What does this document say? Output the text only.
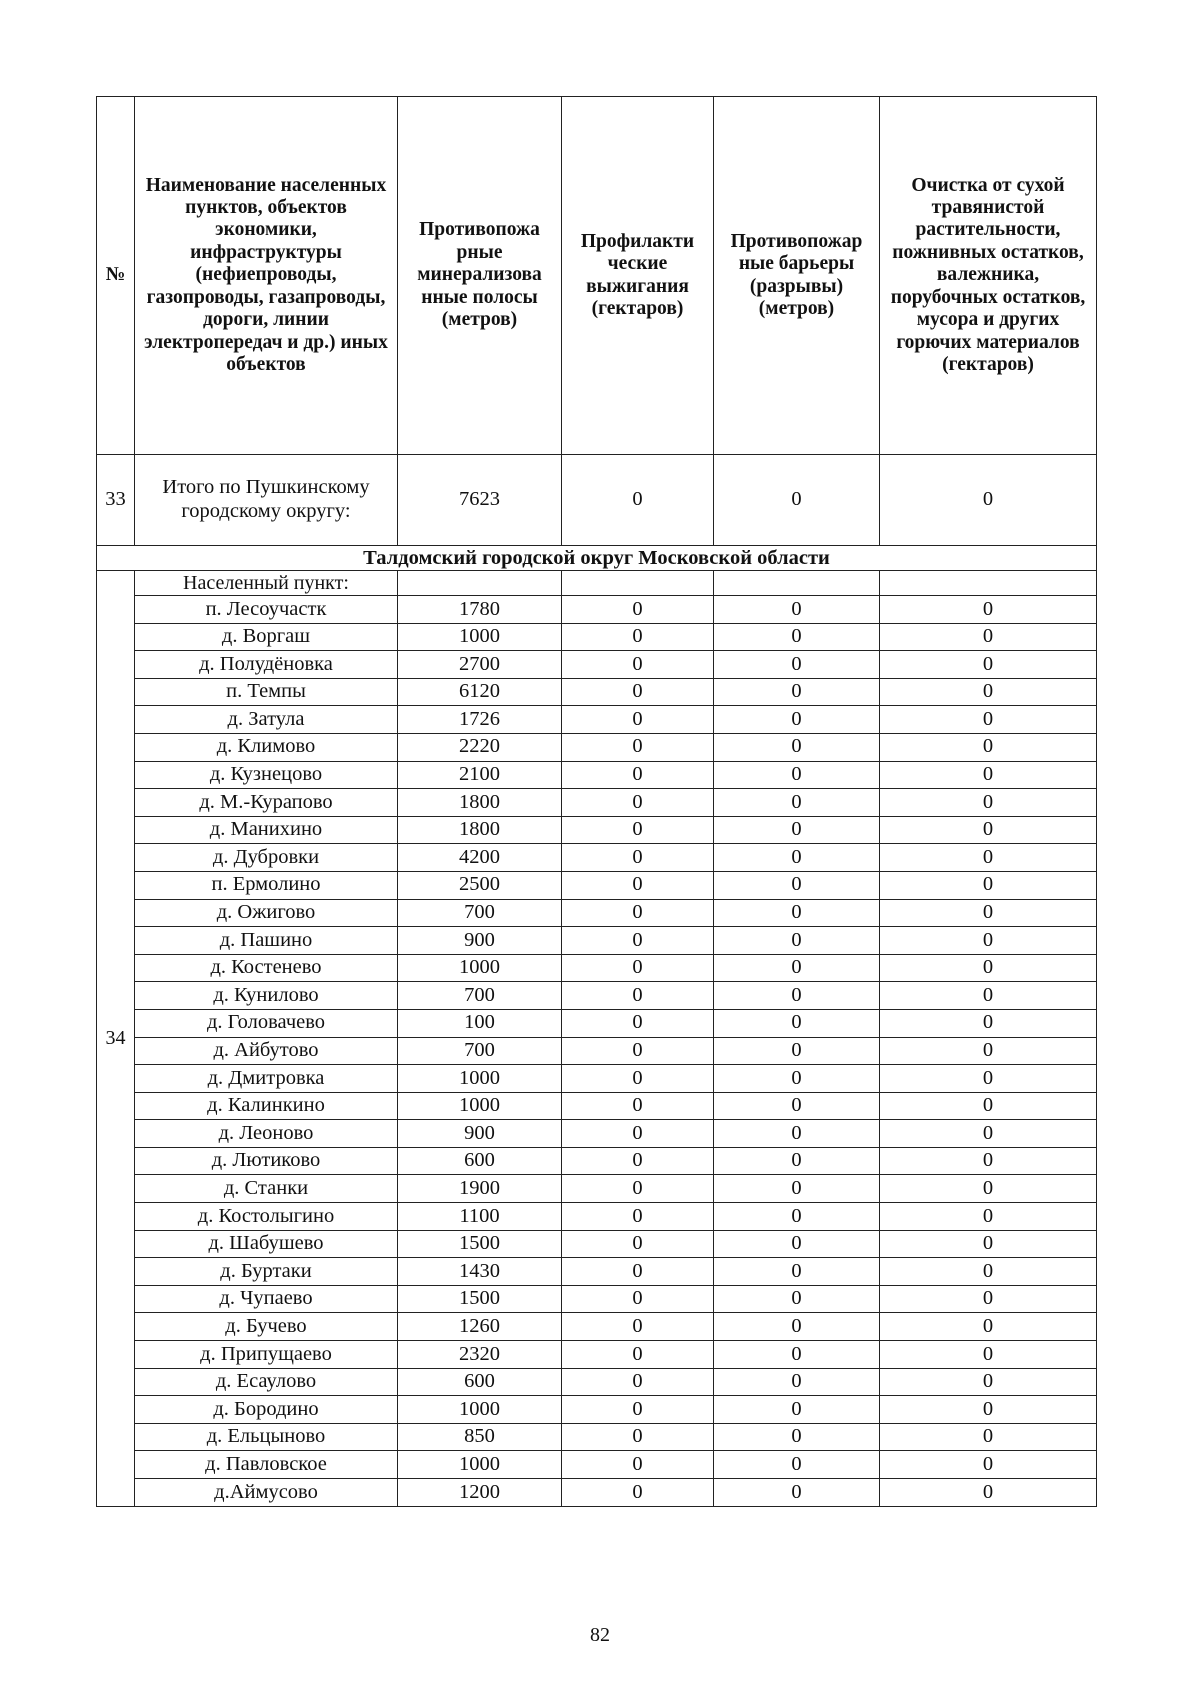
№	Наименование населенных пунктов, объектов экономики, инфраструктуры (нефиепроводы, газопроводы, газапроводы, дороги, линии электропередач и др.) иных объектов	Противопожа рные минерализова нные полосы (метров)	Профилакти ческие выжигания (гектаров)	Противопожар ные барьеры (разрывы) (метров)	Очистка от сухой травянистой растительности, пожнивных остатков, валежника, порубочных остатков, мусора и других горючих материалов (гектаров)
33	Итого по Пушкинскому городскому округу:	7623	0	0	0
Талдомский городской округ Московской области					
34	Населенный пункт:				
	п. Лесоучастк	1780	0	0	0
	д. Воргаш	1000	0	0	0
	д. Полудёновка	2700	0	0	0
	п. Темпы	6120	0	0	0
	д. Затула	1726	0	0	0
	д. Климово	2220	0	0	0
	д. Кузнецово	2100	0	0	0
	д. М.-Курапово	1800	0	0	0
	д. Манихино	1800	0	0	0
	д. Дубровки	4200	0	0	0
	п. Ермолино	2500	0	0	0
	д. Ожигово	700	0	0	0
	д. Пашино	900	0	0	0
	д. Костенево	1000	0	0	0
	д. Кунилово	700	0	0	0
	д. Головачево	100	0	0	0
	д. Айбутово	700	0	0	0
	д. Дмитровка	1000	0	0	0
	д. Калинкино	1000	0	0	0
	д. Леоново	900	0	0	0
	д. Лютиково	600	0	0	0
	д. Станки	1900	0	0	0
	д. Костолыгино	1100	0	0	0
	д. Шабушево	1500	0	0	0
	д. Буртаки	1430	0	0	0
	д. Чупаево	1500	0	0	0
	д. Бучево	1260	0	0	0
	д. Припущаево	2320	0	0	0
	д. Есаулово	600	0	0	0
	д. Бородино	1000	0	0	0
	д. Ельцыново	850	0	0	0
	д. Павловское	1000	0	0	0
	д.Аймусово	1200	0	0	0
82
